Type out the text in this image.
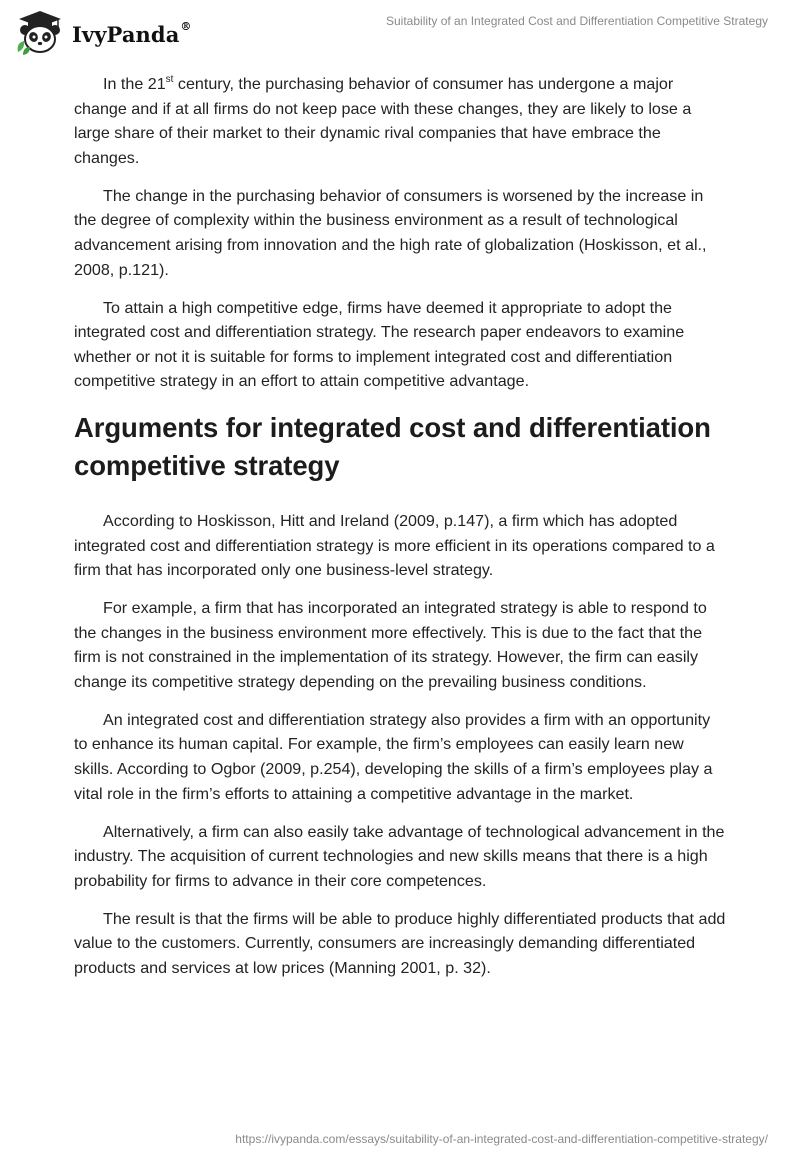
IvyPanda®	Suitability of an Integrated Cost and Differentiation Competitive Strategy

In the 21st century, the purchasing behavior of consumer has undergone a major change and if at all firms do not keep pace with these changes, they are likely to lose a large share of their market to their dynamic rival companies that have embrace the changes.

The change in the purchasing behavior of consumers is worsened by the increase in the degree of complexity within the business environment as a result of technological advancement arising from innovation and the high rate of globalization (Hoskisson, et al., 2008, p.121).

To attain a high competitive edge, firms have deemed it appropriate to adopt the integrated cost and differentiation strategy. The research paper endeavors to examine whether or not it is suitable for forms to implement integrated cost and differentiation competitive strategy in an effort to attain competitive advantage.

Arguments for integrated cost and differentiation competitive strategy

According to Hoskisson, Hitt and Ireland (2009, p.147), a firm which has adopted integrated cost and differentiation strategy is more efficient in its operations compared to a firm that has incorporated only one business-level strategy.

For example, a firm that has incorporated an integrated strategy is able to respond to the changes in the business environment more effectively. This is due to the fact that the firm is not constrained in the implementation of its strategy. However, the firm can easily change its competitive strategy depending on the prevailing business conditions.

An integrated cost and differentiation strategy also provides a firm with an opportunity to enhance its human capital. For example, the firm’s employees can easily learn new skills. According to Ogbor (2009, p.254), developing the skills of a firm’s employees play a vital role in the firm’s efforts to attaining a competitive advantage in the market.

Alternatively, a firm can also easily take advantage of technological advancement in the industry. The acquisition of current technologies and new skills means that there is a high probability for firms to advance in their core competences.

The result is that the firms will be able to produce highly differentiated products that add value to the customers. Currently, consumers are increasingly demanding differentiated products and services at low prices (Manning 2001, p. 32).

https://ivypanda.com/essays/suitability-of-an-integrated-cost-and-differentiation-competitive-strategy/
